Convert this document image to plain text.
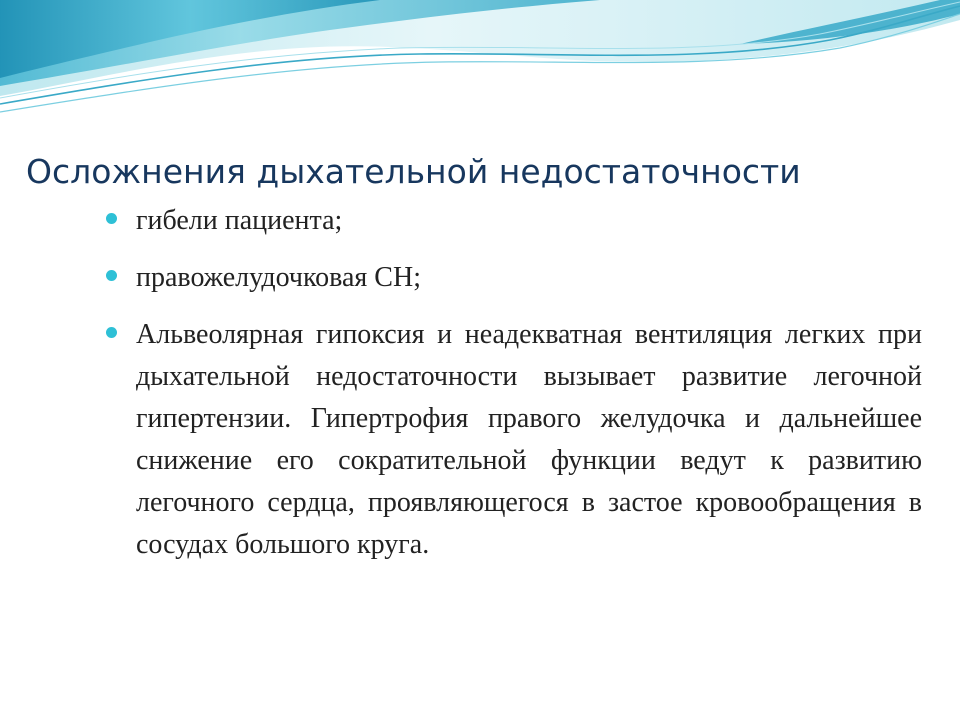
Осложнения дыхательной недостаточности
гибели пациента;
правожелудочковая СН;
Альвеолярная гипоксия и неадекватная вентиляция легких при дыхательной недостаточности вызывает развитие легочной гипертензии. Гипертрофия правого желудочка и дальнейшее снижение его сократительной функции ведут к развитию легочного сердца, проявляющегося в застое кровообращения в сосудах большого круга.
